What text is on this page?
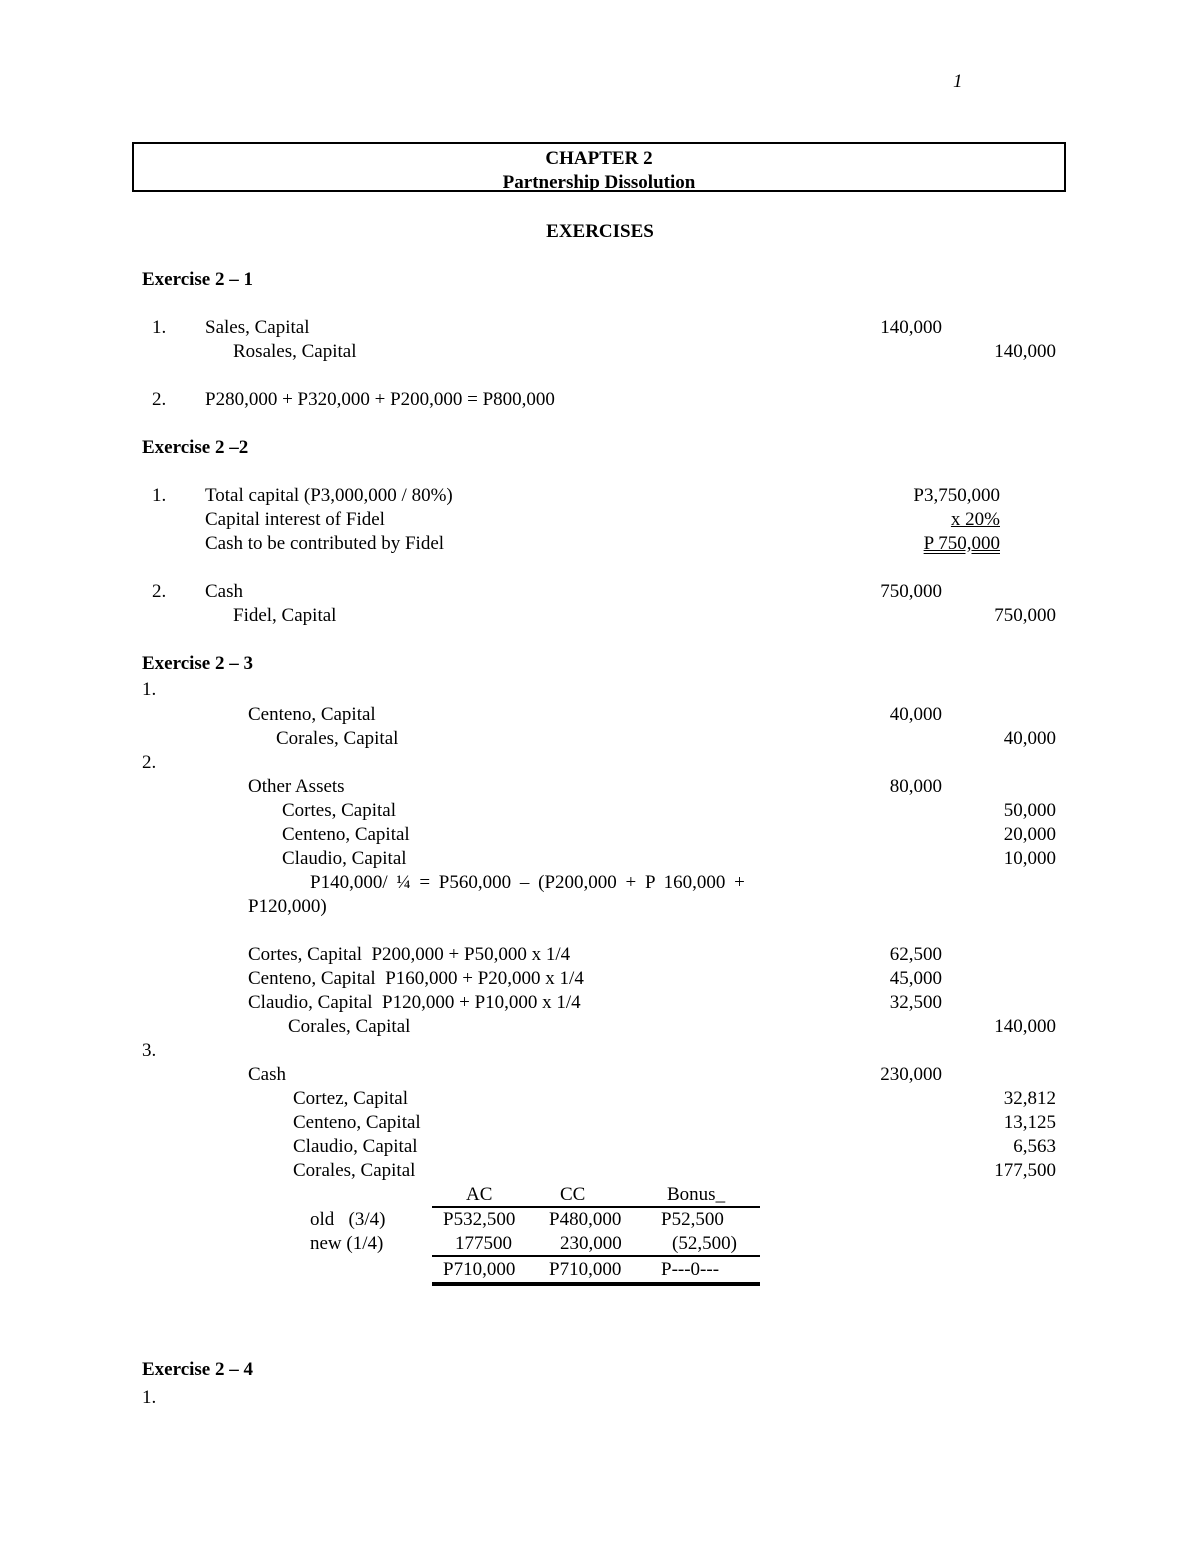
1
CHAPTER 2
Partnership Dissolution
EXERCISES
Exercise 2 – 1
1. Sales, Capital	140,000
Rosales, Capital	140,000
2. P280,000 + P320,000 + P200,000 = P800,000
Exercise 2 –2
1. Total capital (P3,000,000 / 80%)	P3,750,000
Capital interest of Fidel	x 20%
Cash to be contributed by Fidel	P 750,000
2. Cash	750,000
Fidel, Capital	750,000
Exercise 2 – 3
1.
Centeno, Capital	40,000
Corales, Capital	40,000
2.
Other Assets	80,000
Cortes, Capital	50,000
Centeno, Capital	20,000
Claudio, Capital	10,000
P140,000/ ¼ = P560,000 – (P200,000 + P 160,000 +
P120,000)
Cortes, Capital  P200,000 + P50,000 x 1/4	62,500
Centeno, Capital  P160,000 + P20,000 x 1/4	45,000
Claudio, Capital  P120,000 + P10,000 x 1/4	32,500
Corales, Capital	140,000
3.
Cash	230,000
Cortez, Capital	32,812
Centeno, Capital	13,125
Claudio, Capital	6,563
Corales, Capital	177,500
AC	CC	Bonus_
old   (3/4)	P532,500 P480,000 P52,500
new (1/4)	177500	230,000	(52,500)
P710,000 P710,000 P---0---
Exercise 2 – 4
1.
